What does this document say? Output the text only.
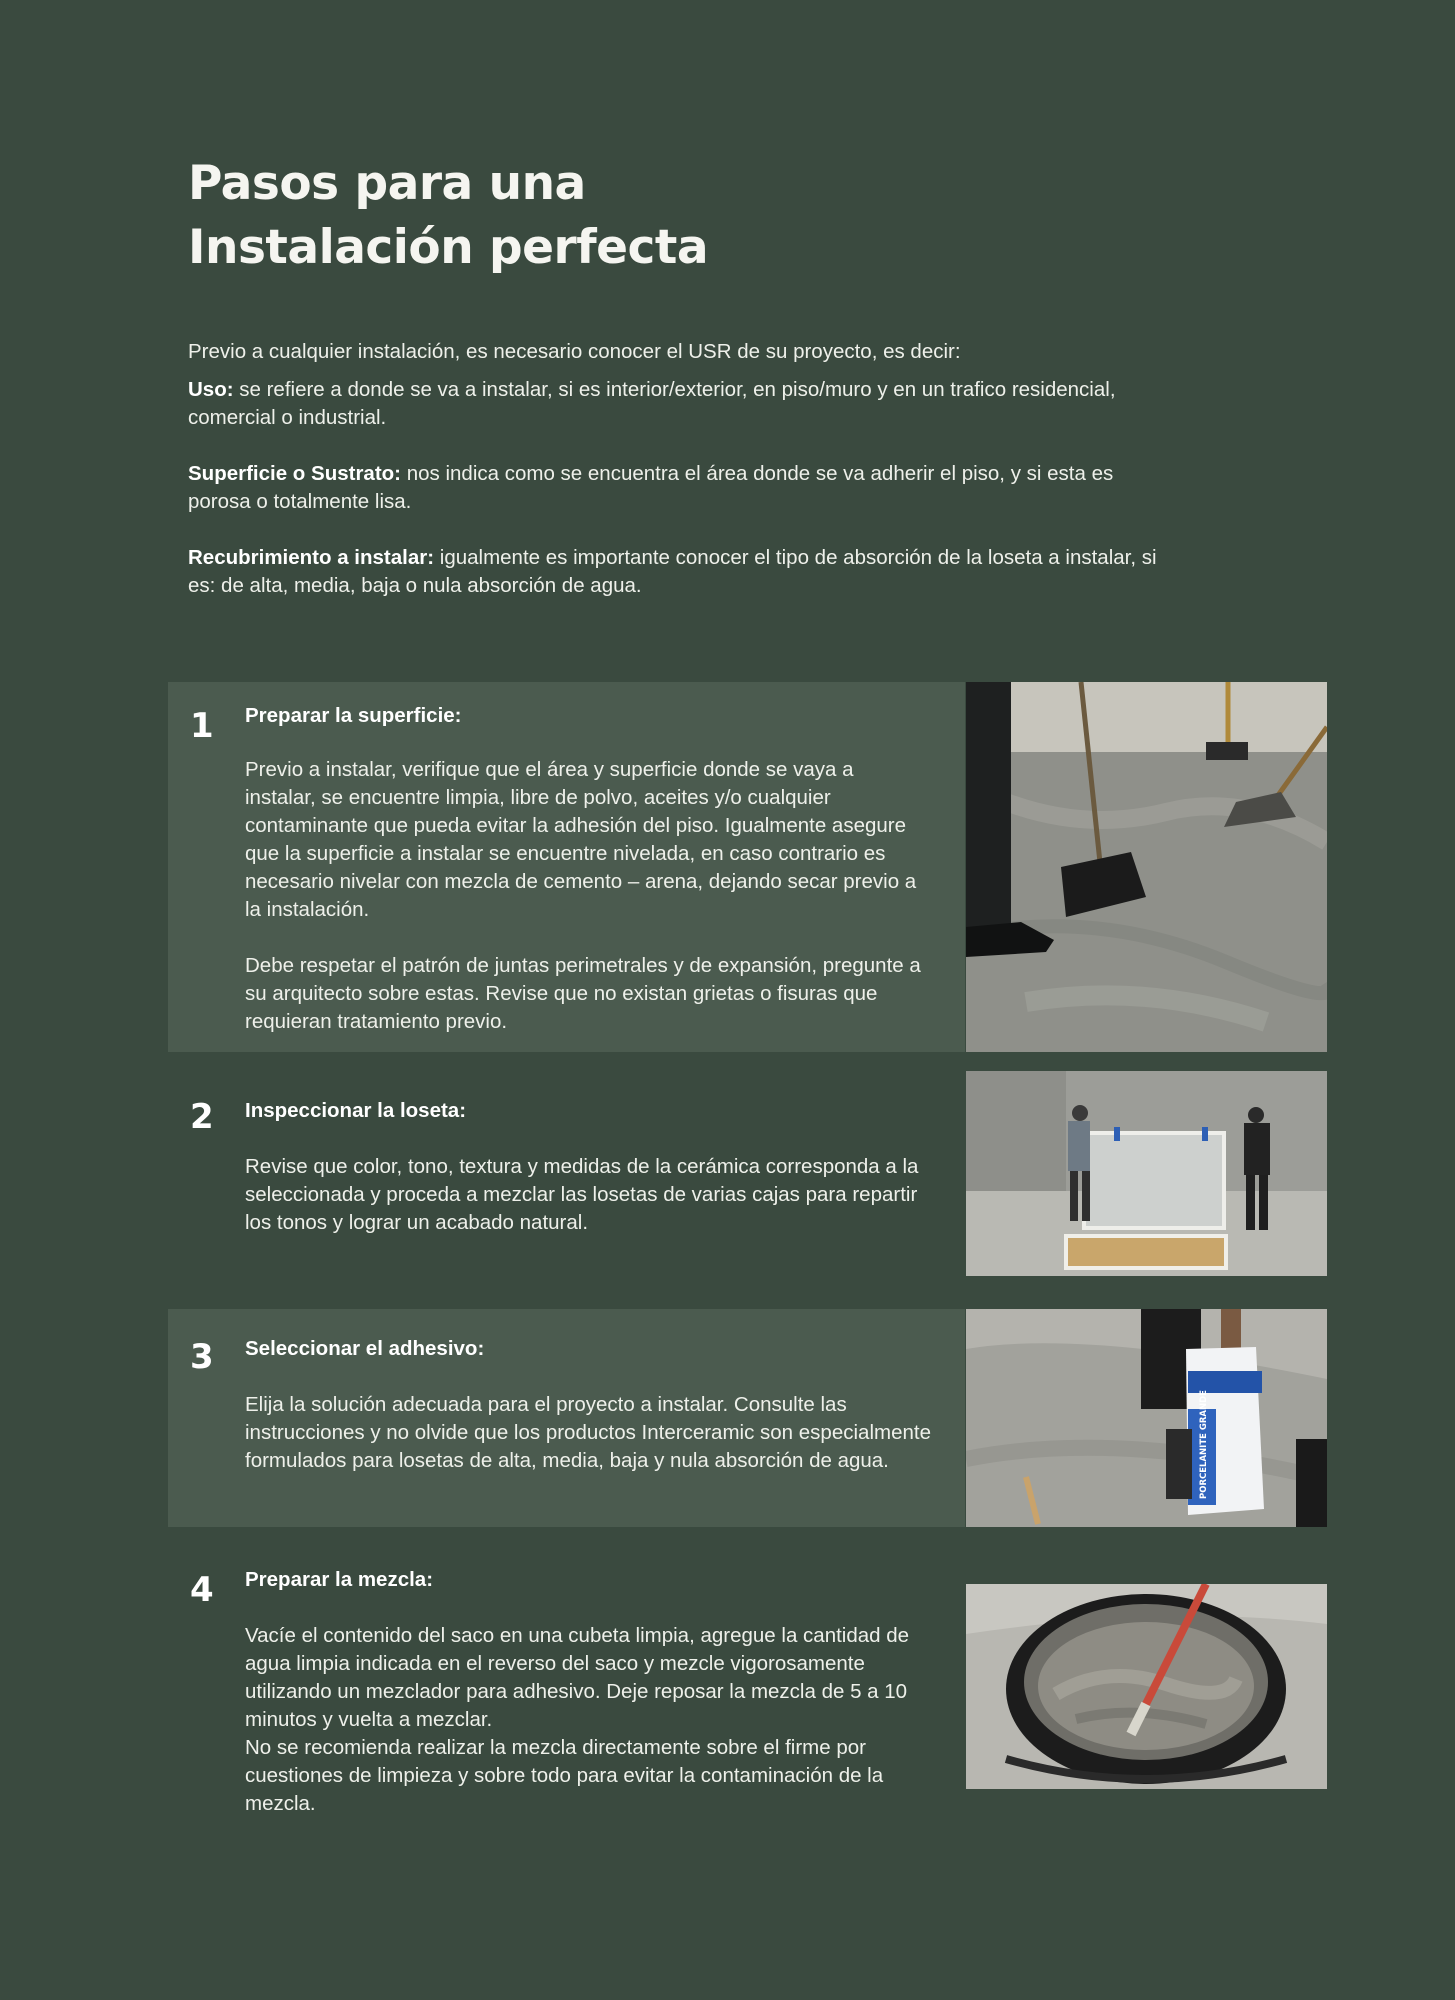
Pasos para una
Instalación perfecta

Previo a cualquier instalación, es necesario conocer el USR de su proyecto, es decir:

Uso: se refiere a donde se va a instalar, si es interior/exterior, en piso/muro y en un trafico residencial, comercial o industrial.

Superficie o Sustrato: nos indica como se encuentra el área donde se va adherir el piso, y si esta es porosa o totalmente lisa.

Recubrimiento a instalar: igualmente es importante conocer el tipo de absorción de la loseta a instalar, si es: de alta, media, baja o nula absorción de agua.

1 Preparar la superficie:

Previo a instalar, verifique que el área y superficie donde se vaya a instalar, se encuentre limpia, libre de polvo, aceites y/o cualquier contaminante que pueda evitar la adhesión del piso. Igualmente asegure que la superficie a instalar se encuentre nivelada, en caso contrario es necesario nivelar con mezcla de cemento – arena, dejando secar previo a la instalación.

Debe respetar el patrón de juntas perimetrales y de expansión, pregunte a su arquitecto sobre estas. Revise que no existan grietas o fisuras que requieran tratamiento previo.

2 Inspeccionar la loseta:

Revise que color, tono, textura y medidas de la cerámica corresponda a la seleccionada y proceda a mezclar las losetas de varias cajas para repartir los tonos y lograr un acabado natural.

3 Seleccionar el adhesivo:

Elija la solución adecuada para el proyecto a instalar. Consulte las instrucciones y no olvide que los productos Interceramic son especialmente formulados para losetas de alta, media, baja y nula absorción de agua.	PORCELANITE GRANDE
4 Preparar la mezcla:

Vacíe el contenido del saco en una cubeta limpia, agregue la cantidad de agua limpia indicada en el reverso del saco y mezcle vigorosamente utilizando un mezclador para adhesivo. Deje reposar la mezcla de 5 a 10 minutos y vuelta a mezclar.

No se recomienda realizar la mezcla directamente sobre el firme por cuestiones de limpieza y sobre todo para evitar la contaminación de la mezcla.
